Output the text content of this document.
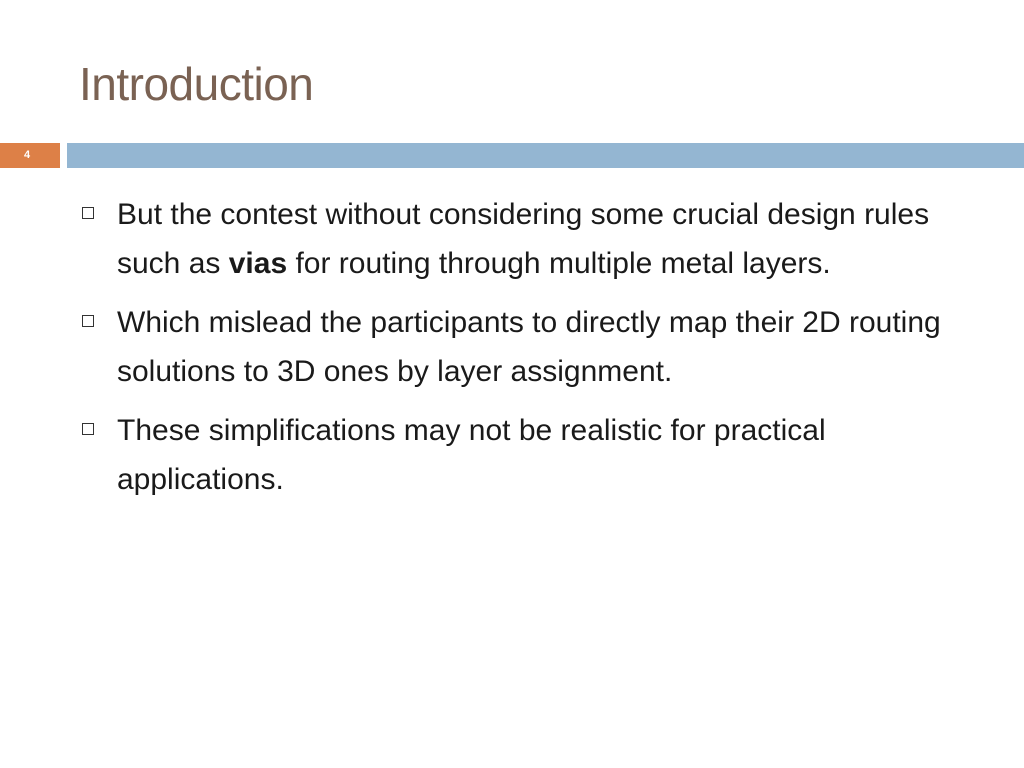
Introduction
4
But the contest without considering some crucial design rules such as vias for routing through multiple metal layers.
Which mislead the participants to directly map their 2D routing solutions to 3D ones by layer assignment.
These simplifications may not be realistic for practical applications.
